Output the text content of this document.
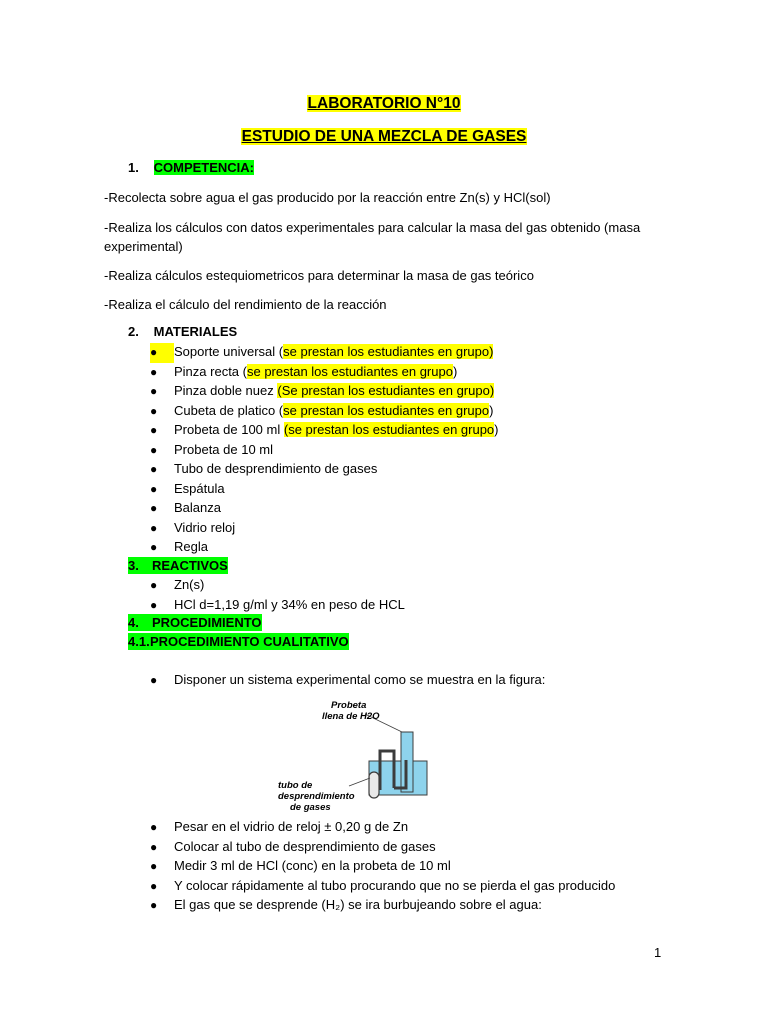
LABORATORIO N°10
ESTUDIO DE UNA MEZCLA DE GASES
1. COMPETENCIA:
-Recolecta sobre agua el gas producido por la reacción entre Zn(s) y HCl(sol)
-Realiza los cálculos con datos experimentales para calcular la masa del gas obtenido (masa experimental)
-Realiza cálculos estequiometricos para determinar la masa de gas teórico
-Realiza el cálculo del rendimiento de la reacción
2. MATERIALES
● Soporte universal (se prestan los estudiantes en grupo)
● Pinza recta (se prestan los estudiantes en grupo)
● Pinza doble nuez (Se prestan los estudiantes en grupo)
● Cubeta de platico (se prestan los estudiantes en grupo)
● Probeta de 100 ml (se prestan los estudiantes en grupo)
● Probeta de 10 ml
● Tubo de desprendimiento de gases
● Espátula
● Balanza
● Vidrio reloj
● Regla
3. REACTIVOS
● Zn(s)
● HCl d=1,19 g/ml y 34% en peso de HCL
4. PROCEDIMIENTO
4.1.PROCEDIMIENTO CUALITATIVO
● Disponer un sistema experimental como se muestra en la figura:
Probeta
llena de H2O
tubo de
desprendimiento
de gases
● Pesar en el vidrio de reloj ± 0,20 g de Zn
● Colocar al tubo de desprendimiento de gases
● Medir 3 ml de HCl (conc) en la probeta de 10 ml
● Y colocar rápidamente al tubo procurando que no se pierda el gas producido
● El gas que se desprende (H₂) se ira burbujeando sobre el agua:
1
